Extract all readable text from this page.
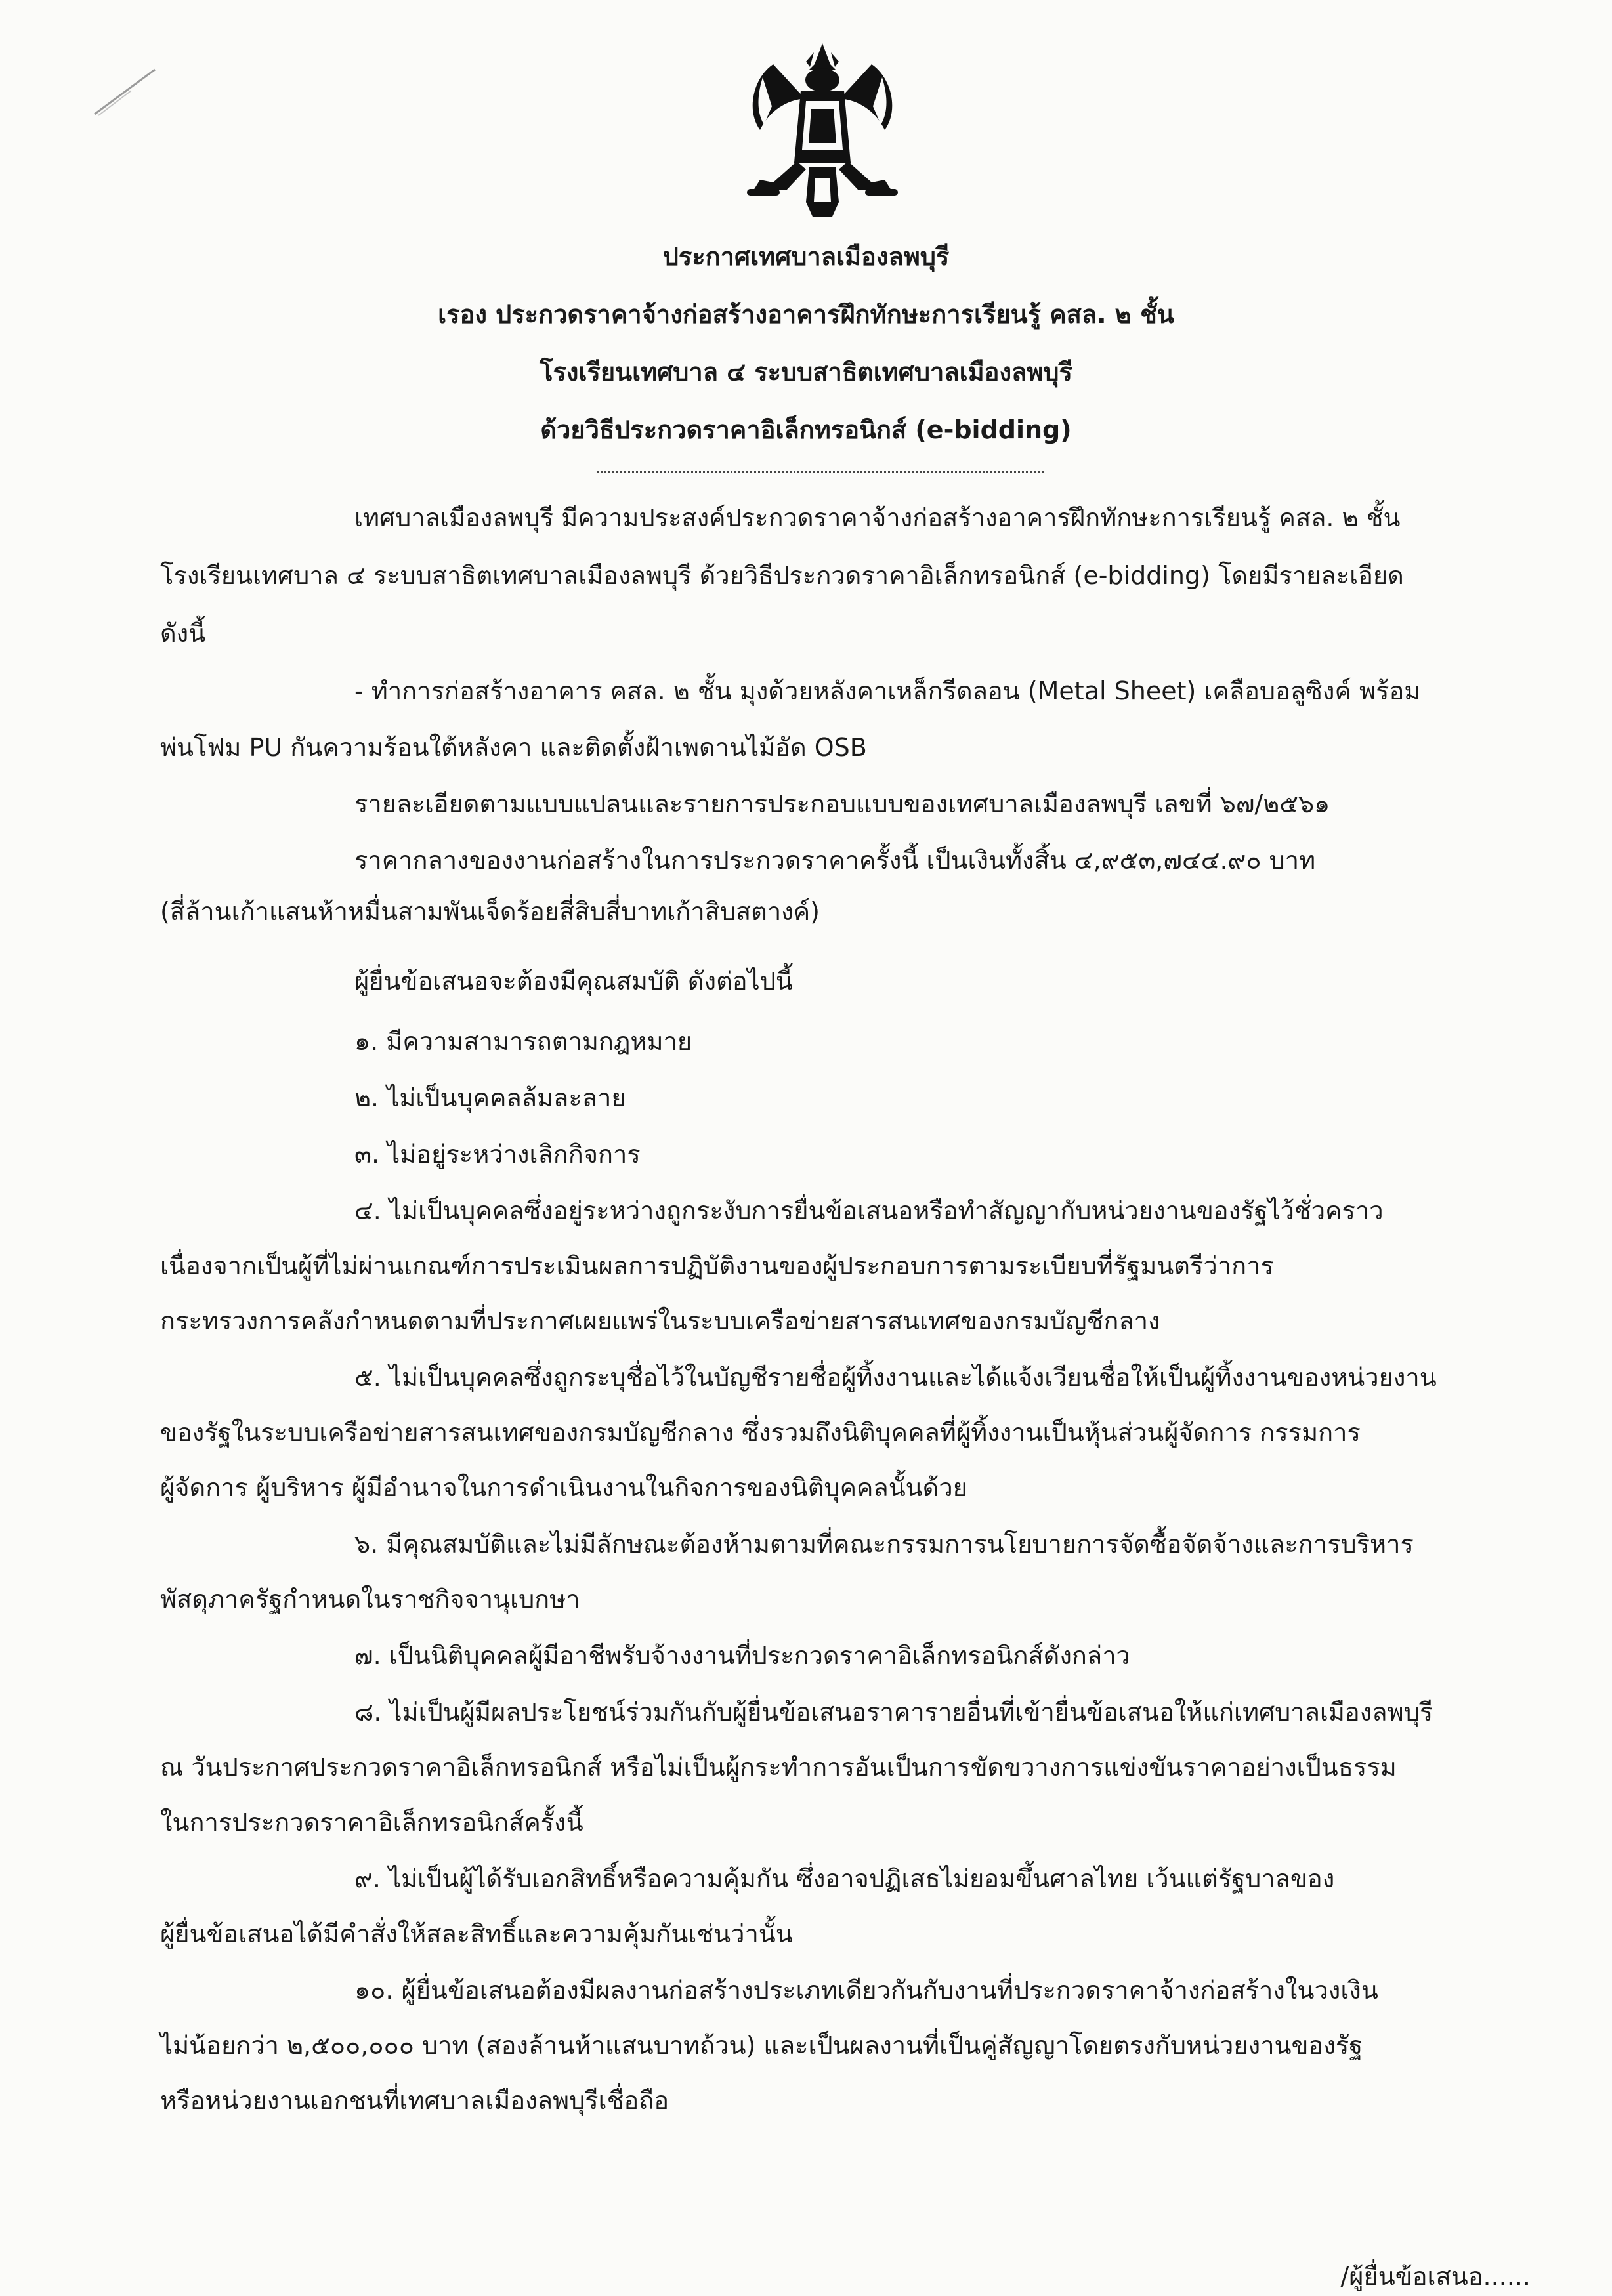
ประกาศเทศบาลเมืองลพบุรี
เรอง ประกวดราคาจ้างก่อสร้างอาคารฝึกทักษะการเรียนรู้ คสล. ๒ ชั้น
โรงเรียนเทศบาล ๔ ระบบสาธิตเทศบาลเมืองลพบุรี
ด้วยวิธีประกวดราคาอิเล็กทรอนิกส์ (e-bidding)
เทศบาลเมืองลพบุรี มีความประสงค์ประกวดราคาจ้างก่อสร้างอาคารฝึกทักษะการเรียนรู้ คสล. ๒ ชั้น
โรงเรียนเทศบาล ๔ ระบบสาธิตเทศบาลเมืองลพบุรี ด้วยวิธีประกวดราคาอิเล็กทรอนิกส์ (e-bidding) โดยมีรายละเอียด
ดังนี้
- ทำการก่อสร้างอาคาร คสล. ๒ ชั้น มุงด้วยหลังคาเหล็กรีดลอน (Metal Sheet) เคลือบอลูซิงค์ พร้อม
พ่นโฟม PU กันความร้อนใต้หลังคา และติดตั้งฝ้าเพดานไม้อัด OSB
รายละเอียดตามแบบแปลนและรายการประกอบแบบของเทศบาลเมืองลพบุรี เลขที่ ๖๗/๒๕๖๑
ราคากลางของงานก่อสร้างในการประกวดราคาครั้งนี้ เป็นเงินทั้งสิ้น ๔,๙๕๓,๗๔๔.๙๐ บาท
(สี่ล้านเก้าแสนห้าหมื่นสามพันเจ็ดร้อยสี่สิบสี่บาทเก้าสิบสตางค์)
ผู้ยื่นข้อเสนอจะต้องมีคุณสมบัติ ดังต่อไปนี้
๑. มีความสามารถตามกฎหมาย
๒. ไม่เป็นบุคคลล้มละลาย
๓. ไม่อยู่ระหว่างเลิกกิจการ
๔. ไม่เป็นบุคคลซึ่งอยู่ระหว่างถูกระงับการยื่นข้อเสนอหรือทำสัญญากับหน่วยงานของรัฐไว้ชั่วคราว
เนื่องจากเป็นผู้ที่ไม่ผ่านเกณฑ์การประเมินผลการปฏิบัติงานของผู้ประกอบการตามระเบียบที่รัฐมนตรีว่าการ
กระทรวงการคลังกำหนดตามที่ประกาศเผยแพร่ในระบบเครือข่ายสารสนเทศของกรมบัญชีกลาง
๕. ไม่เป็นบุคคลซึ่งถูกระบุชื่อไว้ในบัญชีรายชื่อผู้ทิ้งงานและได้แจ้งเวียนชื่อให้เป็นผู้ทิ้งงานของหน่วยงาน
ของรัฐในระบบเครือข่ายสารสนเทศของกรมบัญชีกลาง ซึ่งรวมถึงนิติบุคคลที่ผู้ทิ้งงานเป็นหุ้นส่วนผู้จัดการ กรรมการ
ผู้จัดการ ผู้บริหาร ผู้มีอำนาจในการดำเนินงานในกิจการของนิติบุคคลนั้นด้วย
๖. มีคุณสมบัติและไม่มีลักษณะต้องห้ามตามที่คณะกรรมการนโยบายการจัดซื้อจัดจ้างและการบริหาร
พัสดุภาครัฐกำหนดในราชกิจจานุเบกษา
๗. เป็นนิติบุคคลผู้มีอาชีพรับจ้างงานที่ประกวดราคาอิเล็กทรอนิกส์ดังกล่าว
๘. ไม่เป็นผู้มีผลประโยชน์ร่วมกันกับผู้ยื่นข้อเสนอราคารายอื่นที่เข้ายื่นข้อเสนอให้แก่เทศบาลเมืองลพบุรี
ณ วันประกาศประกวดราคาอิเล็กทรอนิกส์ หรือไม่เป็นผู้กระทำการอันเป็นการขัดขวางการแข่งขันราคาอย่างเป็นธรรม
ในการประกวดราคาอิเล็กทรอนิกส์ครั้งนี้
๙. ไม่เป็นผู้ได้รับเอกสิทธิ์หรือความคุ้มกัน ซึ่งอาจปฏิเสธไม่ยอมขึ้นศาลไทย เว้นแต่รัฐบาลของ
ผู้ยื่นข้อเสนอได้มีคำสั่งให้สละสิทธิ์และความคุ้มกันเช่นว่านั้น
๑๐. ผู้ยื่นข้อเสนอต้องมีผลงานก่อสร้างประเภทเดียวกันกับงานที่ประกวดราคาจ้างก่อสร้างในวงเงิน
ไม่น้อยกว่า ๒,๕๐๐,๐๐๐ บาท (สองล้านห้าแสนบาทถ้วน) และเป็นผลงานที่เป็นคู่สัญญาโดยตรงกับหน่วยงานของรัฐ
หรือหน่วยงานเอกชนที่เทศบาลเมืองลพบุรีเชื่อถือ
/ผู้ยื่นข้อเสนอ......
